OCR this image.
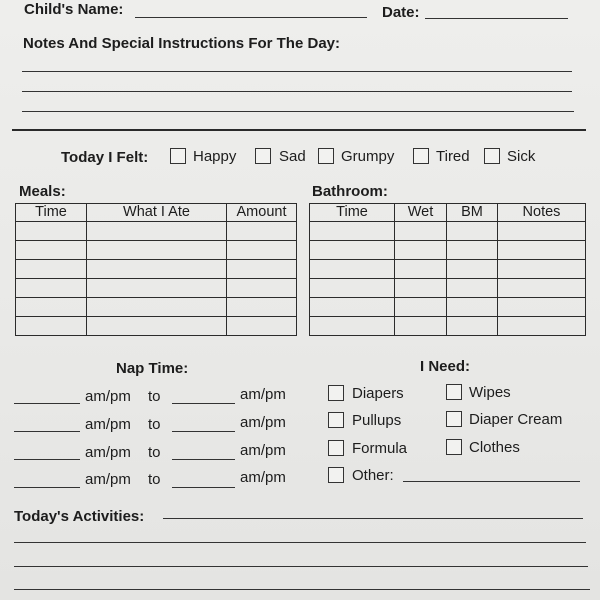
Child's Name:	Date:
Notes And Special Instructions For The Day:
Today I Felt:	Happy	Sad Grumpy	Tired Sick
Meals:
Time	What I Ate	Amount

Bathroom:
Time	Wet	BM	Notes

Nap Time:
am/pm to	am/pm
am/pm to	am/pm
am/pm to	am/pm
am/pm to	am/pm
I Need:
Diapers	Wipes
Pullups	Diaper Cream
Formula	Clothes
Other:
Today's Activities:
